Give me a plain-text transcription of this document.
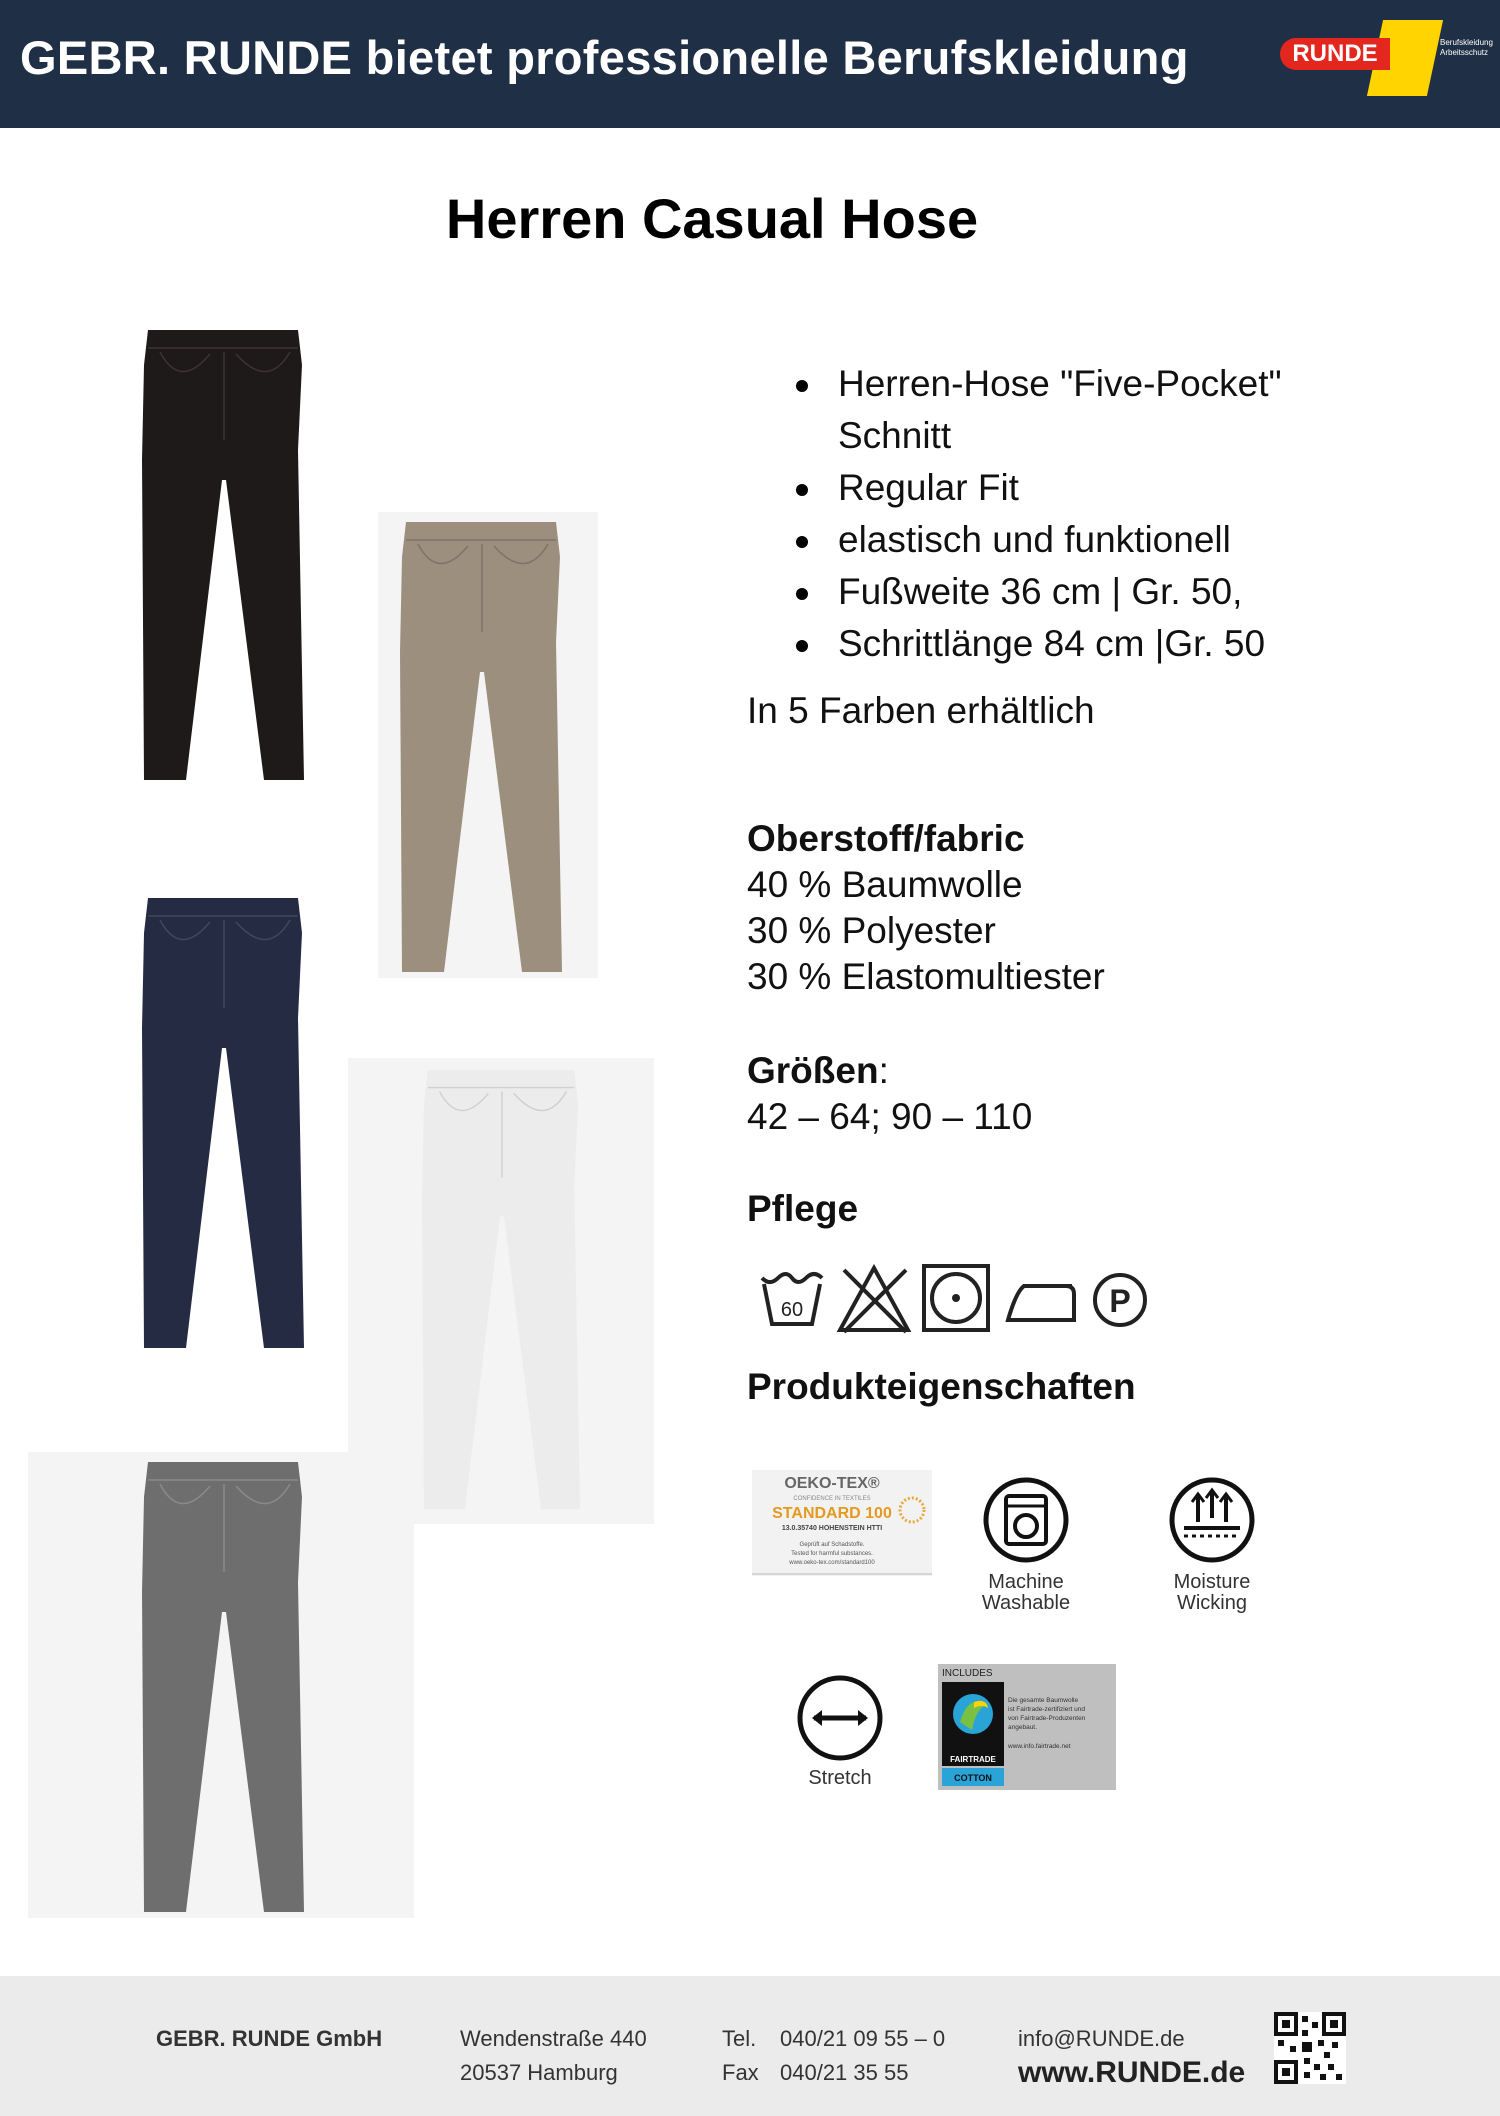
GEBR. RUNDE bietet professionelle Berufskleidung	RUNDE	Berufskleidung
Arbeitsschutz
Herren Casual Hose
Herren-Hose "Five-Pocket" Schnitt
Regular Fit
elastisch und funktionell
Fußweite 36 cm | Gr. 50,
Schrittlänge 84 cm |Gr. 50
In 5 Farben erhältlich
Oberstoff/fabric
40 % Baumwolle
30 % Polyester
30 % Elastomultiester
Größen:
42 – 64; 90 – 110
Pflege
60	P
Produkteigenschaften
OEKO-TEX®
CONFIDENCE IN TEXTILES
STANDARD 100
13.0.35740 HOHENSTEIN HTTI
Geprüft auf Schadstoffe.
Tested for harmful substances.
www.oeko-tex.com/standard100
Machine
Washable
Moisture
Wicking
Stretch
INCLUDES
FAIRTRADE
COTTON
Die gesamte Baumwolle
ist Fairtrade-zertifiziert und
von Fairtrade-Produzenten
angebaut.
www.info.fairtrade.net
GEBR. RUNDE GmbH	Wendenstraße 440
20537 Hamburg
Tel. 040/21 09 55 – 0
Fax 040/21 35 55
info@RUNDE.de
www.RUNDE.de
